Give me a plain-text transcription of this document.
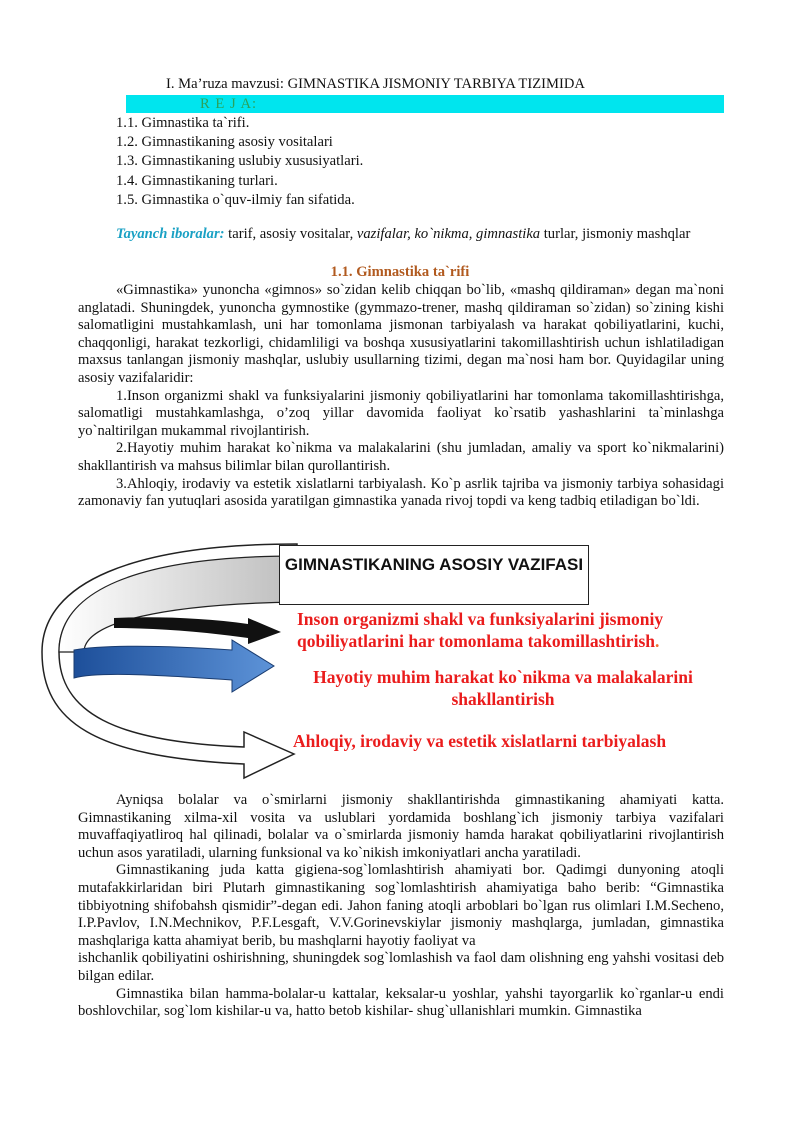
I. Ma’ruza mavzusi: GIMNASTIKA JISMONIY TARBIYA TIZIMIDA
R E J A:
1.1. Gimnastika ta`rifi.
1.2. Gimnastikaning asosiy vositalari
1.3. Gimnastikaning uslubiy xususiyatlari.
1.4. Gimnastikaning turlari.
1.5. Gimnastika o`quv-ilmiy fan sifatida.

Tayanch iboralar: tarif, asosiy vositalar, vazifalar, ko`nikma, gimnastika turlar, jismoniy mashqlar

1.1. Gimnastika ta`rifi

«Gimnastika» yunoncha «gimnos» so`zidan kelib chiqqan bo`lib, «mashq qildiraman» degan ma`noni anglatadi. Shuningdek, yunoncha gymnostike (gymmazo-trener, mashq qildiraman so`zidan) so`zining kishi salomatligini mustahkamlash, uni har tomonlama jismonan tarbiyalash va harakat qobiliyatlarini, kuchi, chaqqonligi, harakat tezkorligi, chidamliligi va boshqa xususiyatlarini takomillashtirish uchun ishlatiladigan maxsus tanlangan jismoniy mashqlar, uslubiy usullarning tizimi, degan ma`nosi ham bor. Quyidagilar uning asosiy vazifalaridir:

1.Inson organizmi shakl va funksiyalarini jismoniy qobiliyatlarini har tomonlama takomillashtirishga, salomatligi mustahkamlashga, o’zoq yillar davomida faoliyat ko`rsatib yashashlarini ta`minlashga yo`naltirilgan mukammal rivojlantirish.

2.Hayotiy muhim harakat ko`nikma va malakalarini (shu jumladan, amaliy va sport ko`nikmalarini) shakllantirish va mahsus bilimlar bilan qurollantirish.

3.Ahloqiy, irodaviy va estetik xislatlarni tarbiyalash. Ko`p asrlik tajriba va jismoniy tarbiya sohasidagi zamonaviy fan yutuqlari asosida yaratilgan gimnastika yanada rivoj topdi va keng tadbiq etiladigan bo`ldi.

GIMNASTIKANING ASOSIY VAZIFASI
Inson organizmi shakl va funksiyalarini jismoniy qobiliyatlarini har tomonlama takomillashtirish.
Hayotiy muhim harakat ko`nikma va malakalarini shakllantirish
Ahloqiy, irodaviy va estetik xislatlarni tarbiyalash

Ayniqsa bolalar va o`smirlarni jismoniy shakllantirishda gimnastikaning ahamiyati katta. Gimnastikaning xilma-xil vosita va uslublari yordamida boshlang`ich jismoniy tarbiya vazifalari muvaffaqiyatliroq hal qilinadi, bolalar va o`smirlarda jismoniy hamda harakat qobiliyatlarini rivojlantirish uchun asos yaratiladi, ularning funksional va ko`nikish imkoniyatlari ancha yaratiladi.

Gimnastikaning juda katta gigiena-sog`lomlashtirish ahamiyati bor. Qadimgi dunyoning atoqli mutafakkirlaridan biri Plutarh gimnastikaning sog`lomlashtirish ahamiyatiga baho berib: “Gimnastika tibbiyotning shifobahsh qismidir”-degan edi. Jahon faning atoqli arboblari bo`lgan rus olimlari I.M.Secheno, I.P.Pavlov, I.N.Mechnikov, P.F.Lesgaft, V.V.Gorinevskiylar jismoniy mashqlarga, jumladan, gimnastika mashqlariga katta ahamiyat berib, bu mashqlarni hayotiy faoliyat va

ishchanlik qobiliyatini oshirishning, shuningdek sog`lomlashish va faol dam olishning eng yahshi vositasi deb bilgan edilar.

Gimnastika bilan hamma-bolalar-u kattalar, keksalar-u yoshlar, yahshi tayorgarlik ko`rganlar-u endi boshlovchilar, sog`lom kishilar-u va, hatto betob kishilar- shug`ullanishlari mumkin. Gimnastika
